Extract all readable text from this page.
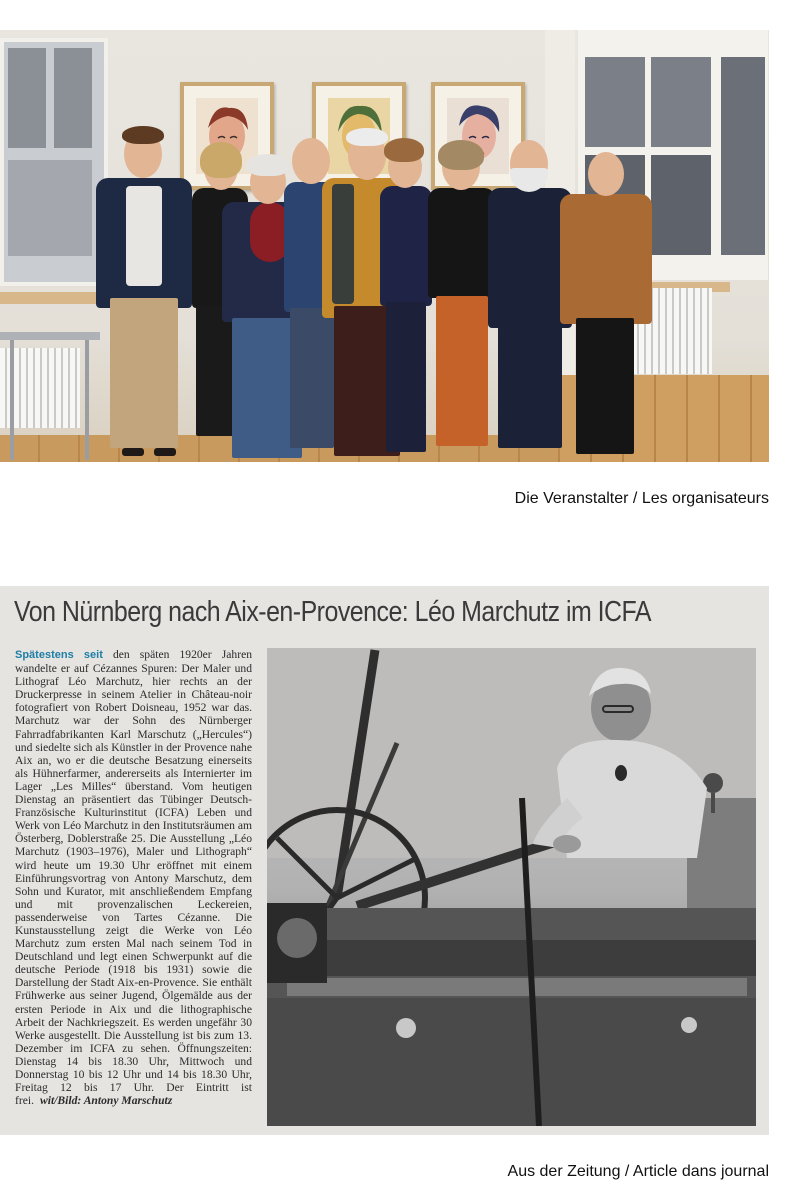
Die Veranstalter / Les organisateurs
Von Nürnberg nach Aix-en-Provence: Léo Marchutz im ICFA
Spätestens seit den späten 1920er Jahren wandelte er auf Cézannes Spuren: Der Maler und Lithograf Léo Marchutz, hier rechts an der Druckerpresse in seinem Atelier in Château-noir fotografiert von Robert Doisneau, 1952 war das. Marchutz war der Sohn des Nürnberger Fahrradfabrikanten Karl Marschutz („Hercules“) und siedelte sich als Künstler in der Provence nahe Aix an, wo er die deutsche Besatzung einerseits als Hühnerfarmer, andererseits als Internierter im Lager „Les Milles“ überstand. Vom heutigen Dienstag an präsentiert das Tübinger Deutsch-Französische Kulturinstitut (ICFA) Leben und Werk von Léo Marchutz in den Institutsräumen am Österberg, Doblerstraße 25. Die Ausstellung „Léo Marchutz (1903–1976), Maler und Lithograph“ wird heute um 19.30 Uhr eröffnet mit einem Einführungsvortrag von Antony Marschutz, dem Sohn und Kurator, mit anschließendem Empfang und mit provenzalischen Leckereien, passenderweise von Tartes Cézanne. Die Kunstausstellung zeigt die Werke von Léo Marchutz zum ersten Mal nach seinem Tod in Deutschland und legt einen Schwerpunkt auf die deutsche Periode (1918 bis 1931) sowie die Darstellung der Stadt Aix-en-Provence. Sie enthält Frühwerke aus seiner Jugend, Ölgemälde aus der ersten Periode in Aix und die lithographische Arbeit der Nachkriegszeit. Es werden ungefähr 30 Werke ausgestellt. Die Ausstellung ist bis zum 13. Dezember im ICFA zu sehen. Öffnungszeiten: Dienstag 14 bis 18.30 Uhr, Mittwoch und Donnerstag 10 bis 12 Uhr und 14 bis 18.30 Uhr, Freitag 12 bis 17 Uhr. Der Eintritt ist frei. wit/Bild: Antony Marschutz
Aus der Zeitung / Article dans journal
